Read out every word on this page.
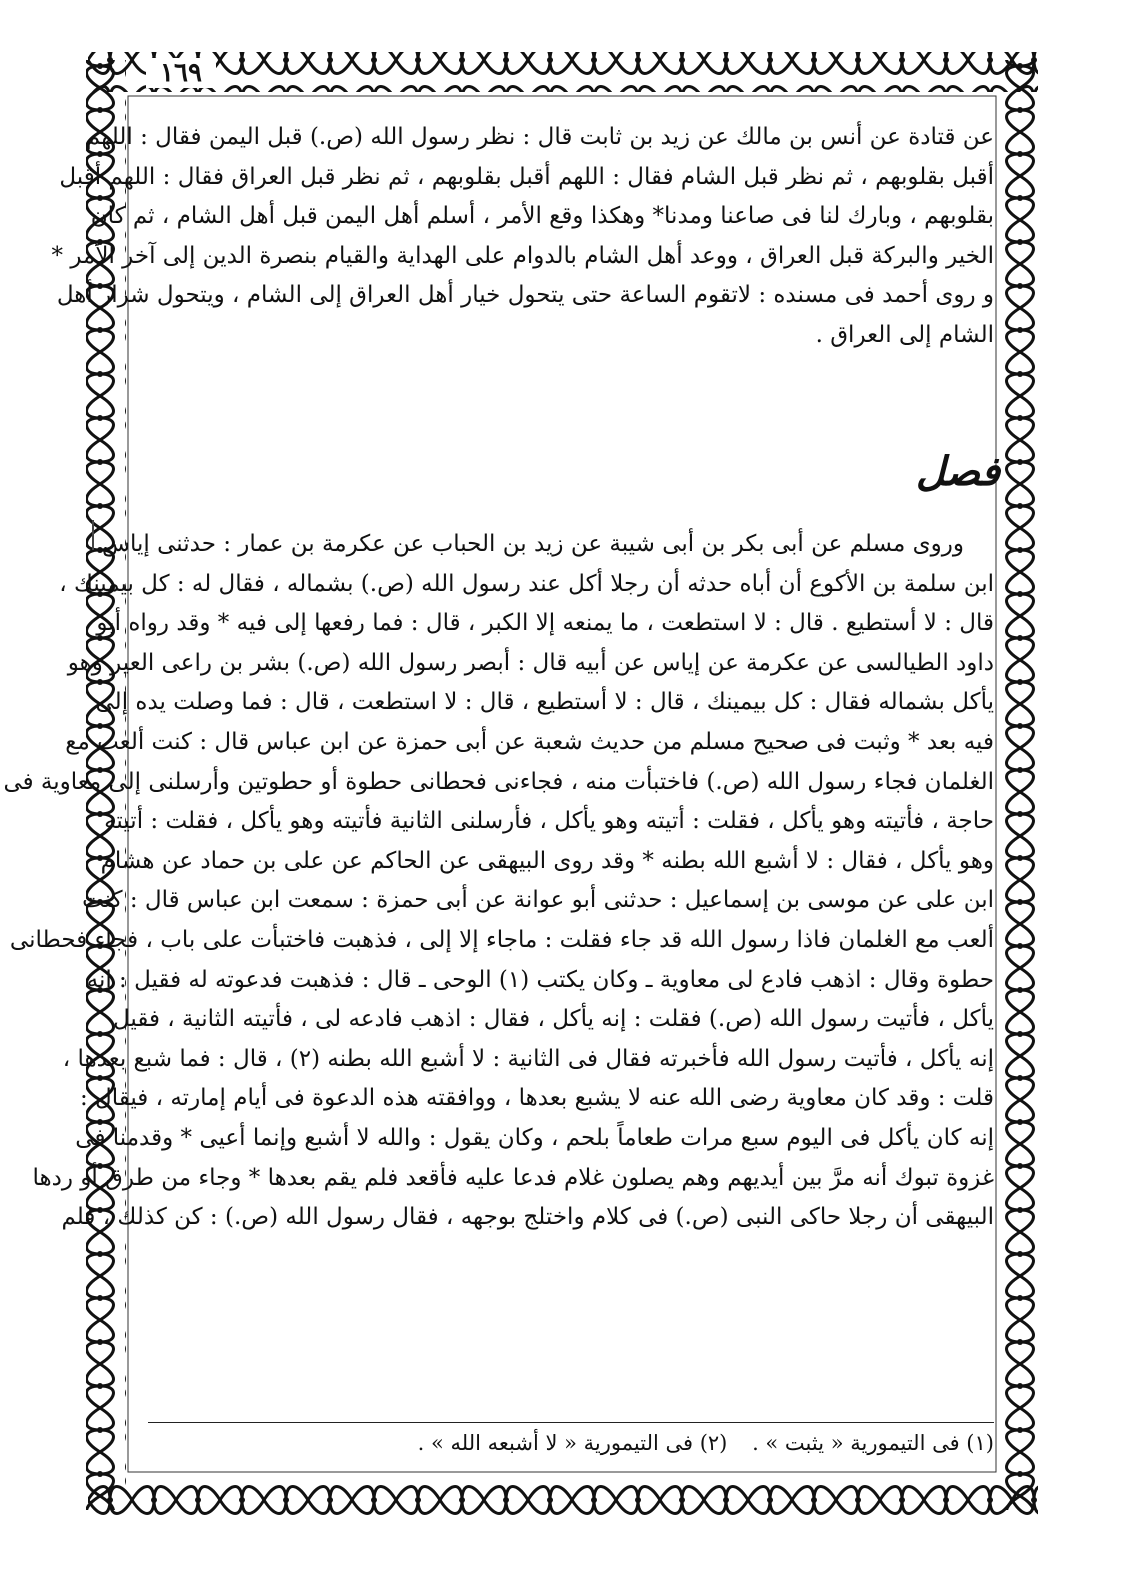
١٦٩

عن قتادة عن أنس بن مالك عن زيد بن ثابت قال : نظر رسول الله (ص.) قبل اليمن فقال : اللهم
أقبل بقلوبهم ، ثم نظر قبل الشام فقال : اللهم أقبل بقلوبهم ، ثم نظر قبل العراق فقال : اللهم أقبل
بقلوبهم ، وبارك لنا فى صاعنا ومدنا* وهكذا وقع الأمر ، أسلم أهل اليمن قبل أهل الشام ، ثم كان
الخير والبركة قبل العراق ، ووعد أهل الشام بالدوام على الهداية والقيام بنصرة الدين إلى آخر الأمر *
و روى أحمد فى مسنده : لاتقوم الساعة حتى يتحول خيار أهل العراق إلى الشام ، ويتحول شرار أهل
الشام إلى العراق .

فصل

وروى مسلم عن أبى بكر بن أبى شيبة عن زيد بن الحباب عن عكرمة بن عمار : حدثنى إياس
ابن سلمة بن الأكوع أن أباه حدثه أن رجلا أكل عند رسول الله (ص.) بشماله ، فقال له : كل بيمينك ،
قال : لا أستطيع . قال : لا استطعت ، ما يمنعه إلا الكبر ، قال : فما رفعها إلى فيه * وقد رواه أبو
داود الطيالسى عن عكرمة عن إياس عن أبيه قال : أبصر رسول الله (ص.) بشر بن راعى العير وهو
يأكل بشماله فقال : كل بيمينك ، قال : لا أستطيع ، قال : لا استطعت ، قال : فما وصلت يده إلى
فيه بعد * وثبت فى صحيح مسلم من حديث شعبة عن أبى حمزة عن ابن عباس قال : كنت ألعب مع
الغلمان فجاء رسول الله (ص.) فاختبأت منه ، فجاءنى فحطانى حطوة أو حطوتين وأرسلنى إلى معاوية فى
حاجة ، فأتيته وهو يأكل ، فقلت : أتيته وهو يأكل ، فأرسلنى الثانية فأتيته وهو يأكل ، فقلت : أتيته
وهو يأكل ، فقال : لا أشبع الله بطنه * وقد روى البيهقى عن الحاكم عن على بن حماد عن هشام
ابن على عن موسى بن إسماعيل : حدثنى أبو عوانة عن أبى حمزة : سمعت ابن عباس قال : كنت
ألعب مع الغلمان فاذا رسول الله قد جاء فقلت : ماجاء إلا إلى ، فذهبت فاختبأت على باب ، فجاء فحطانى
حطوة وقال : اذهب فادع لى معاوية ـ وكان يكتب (١) الوحى ـ قال : فذهبت فدعوته له فقيل : إنه
يأكل ، فأتيت رسول الله (ص.) فقلت : إنه يأكل ، فقال : اذهب فادعه لى ، فأتيته الثانية ، فقيل
إنه يأكل ، فأتيت رسول الله فأخبرته فقال فى الثانية : لا أشبع الله بطنه (٢) ، قال : فما شبع بعدها ،
قلت : وقد كان معاوية رضى الله عنه لا يشبع بعدها ، ووافقته هذه الدعوة فى أيام إمارته ، فيقال :
إنه كان يأكل فى اليوم سبع مرات طعاماً بلحم ، وكان يقول : والله لا أشبع وإنما أعيى * وقدمنا فى
غزوة تبوك أنه مرَّ بين أيديهم وهم يصلون غلام فدعا عليه فأقعد فلم يقم بعدها * وجاء من طرق أو ردها
البيهقى أن رجلا حاكى النبى (ص.) فى كلام واختلج بوجهه ، فقال رسول الله (ص.) : كن كذلك ، فلم

(١) فى التيمورية « يثبت » . (٢) فى التيمورية « لا أشبعه الله » .
